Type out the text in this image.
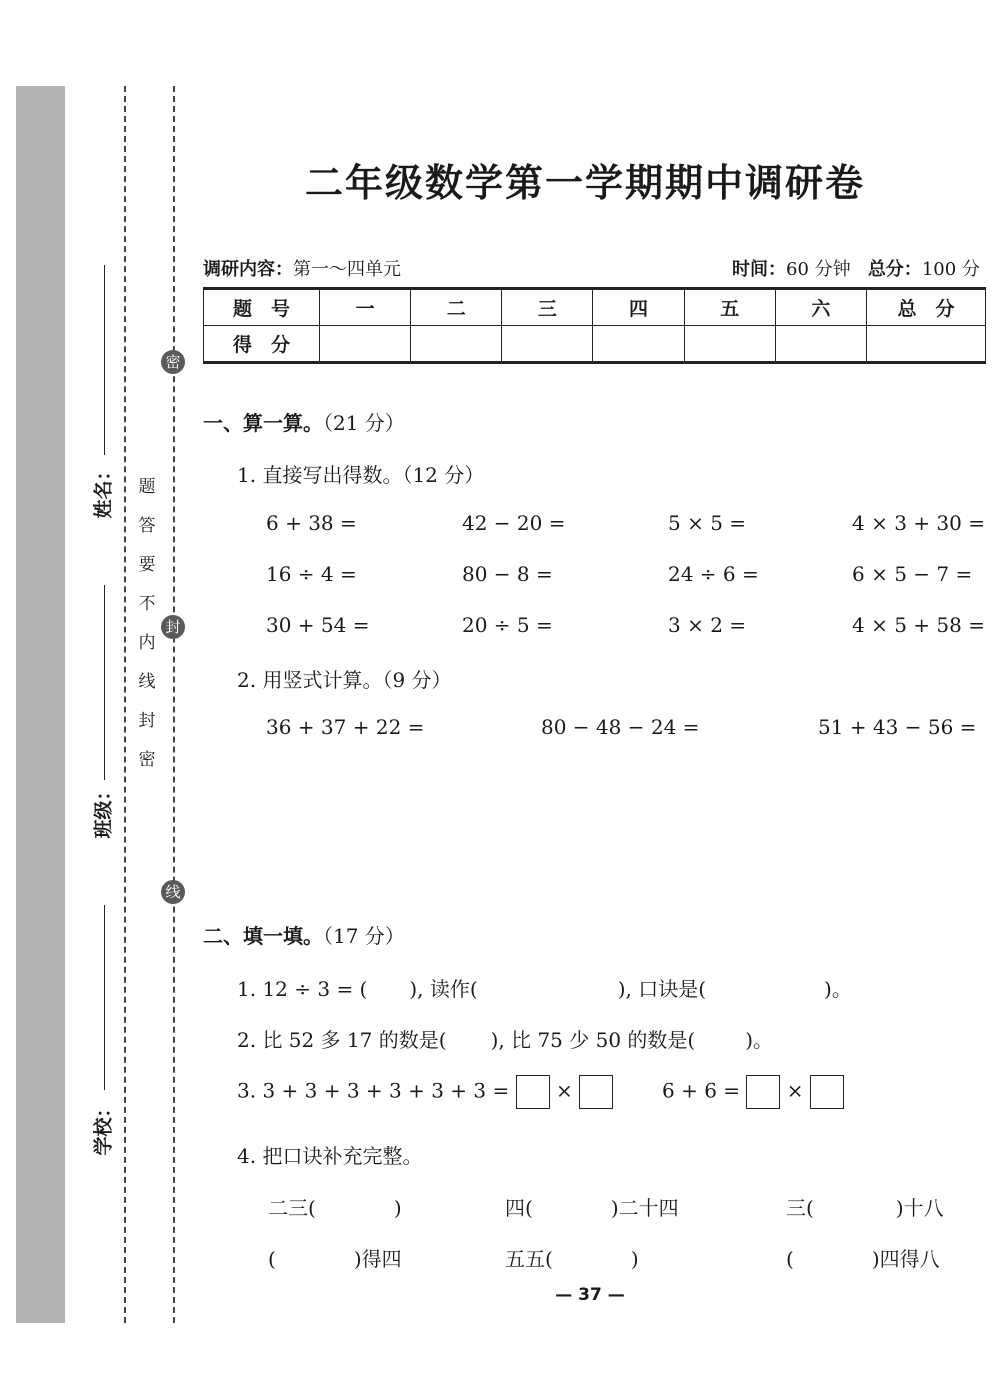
密
封
线
姓名：
班级：
学校：
题
答
要
不
内
线
封
密
二年级数学第一学期期中调研卷
调研内容：第一～四单元	时间：60 分钟 总分：100 分
题　号	一	二	三	四	五	六	总　分
得　分							
一、算一算。（21 分）
1. 直接写出得数。（12 分）
6 + 38 =	42 − 20 =	5 × 5 =	4 × 3 + 30 =
16 ÷ 4 =	80 − 8 =	24 ÷ 6 =	6 × 5 − 7 =
30 + 54 =	20 ÷ 5 =	3 × 2 =	4 × 5 + 58 =
2. 用竖式计算。（9 分）
36 + 37 + 22 =	80 − 48 − 24 =	51 + 43 − 56 =
二、填一填。（17 分）
1. 12 ÷ 3 = ( ), 读作(	), 口诀是(	)。
2. 比 52 多 17 的数是( ), 比 75 少 50 的数是(	)。
3. 3 + 3 + 3 + 3 + 3 + 3 = ×	6 + 6 = ×
4. 把口诀补充完整。
二三(	)	四(	)二十四	三(	)十八
(	)得四	五五(	)	(	)四得八
— 37 —
